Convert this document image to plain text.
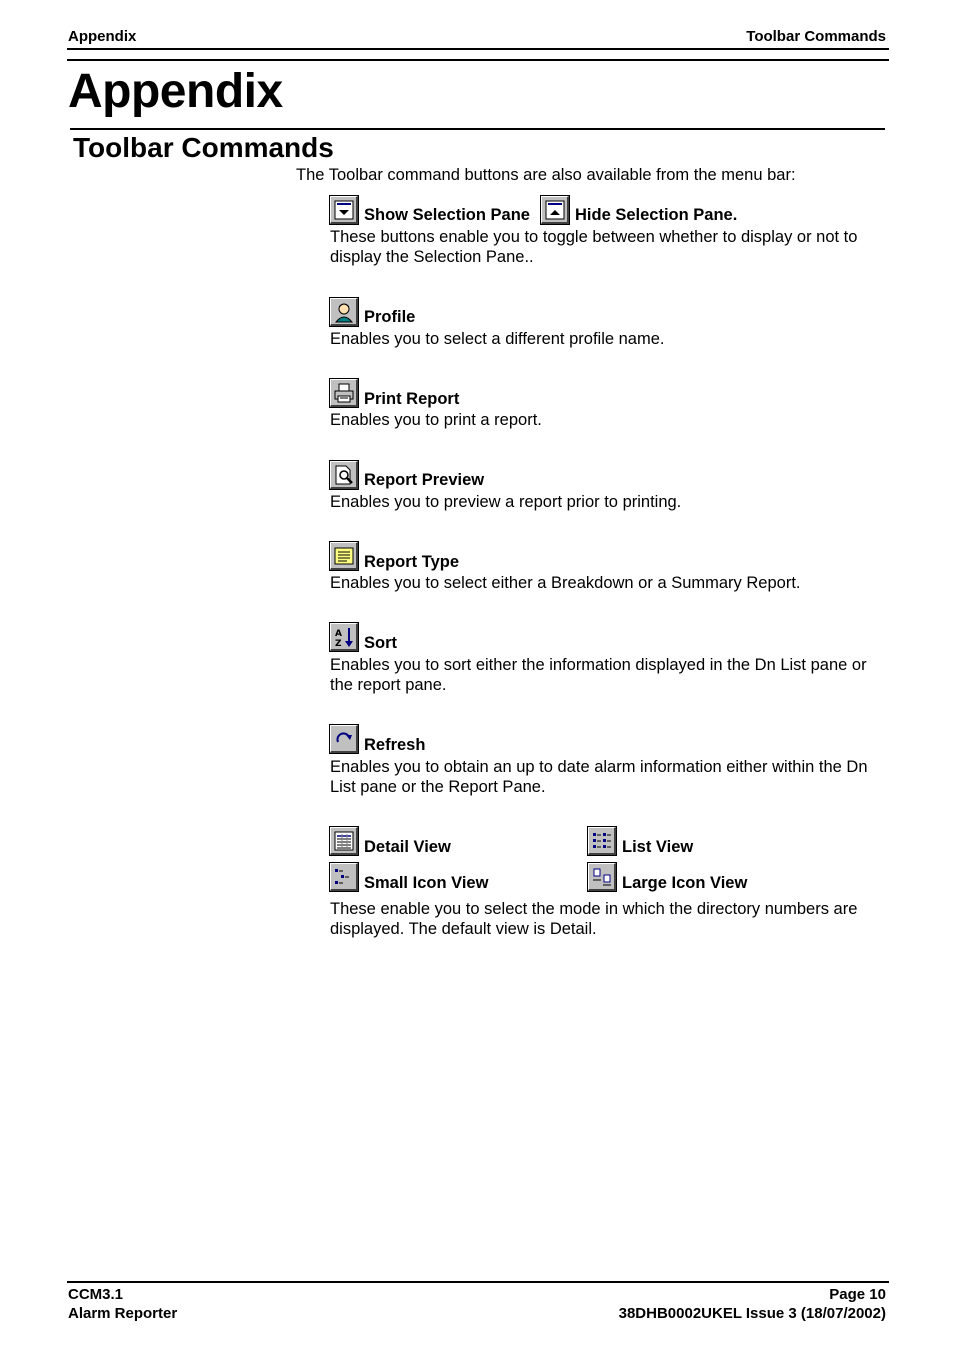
Appendix	Toolbar Commands
Appendix
Toolbar Commands
The Toolbar command buttons are also available from the menu bar:
Show Selection Pane	Hide Selection Pane.
These buttons enable you to toggle between whether to display or not to display the Selection Pane..
Profile
Enables you to select a different profile name.
Print Report
Enables you to print a report.
Report Preview
Enables you to preview a report prior to printing.
Report Type
Enables you to select either a Breakdown or a Summary Report.
A
Z Sort
Enables you to sort either the information displayed in the Dn List pane or the report pane.
Refresh
Enables you to obtain an up to date alarm information either within the Dn List pane or the Report Pane.
Detail View	List View
Small Icon View	Large Icon View
These enable you to select the mode in which the directory numbers are displayed. The default view is Detail.
CCM3.1
Alarm Reporter
Page 10
38DHB0002UKEL Issue 3 (18/07/2002)
